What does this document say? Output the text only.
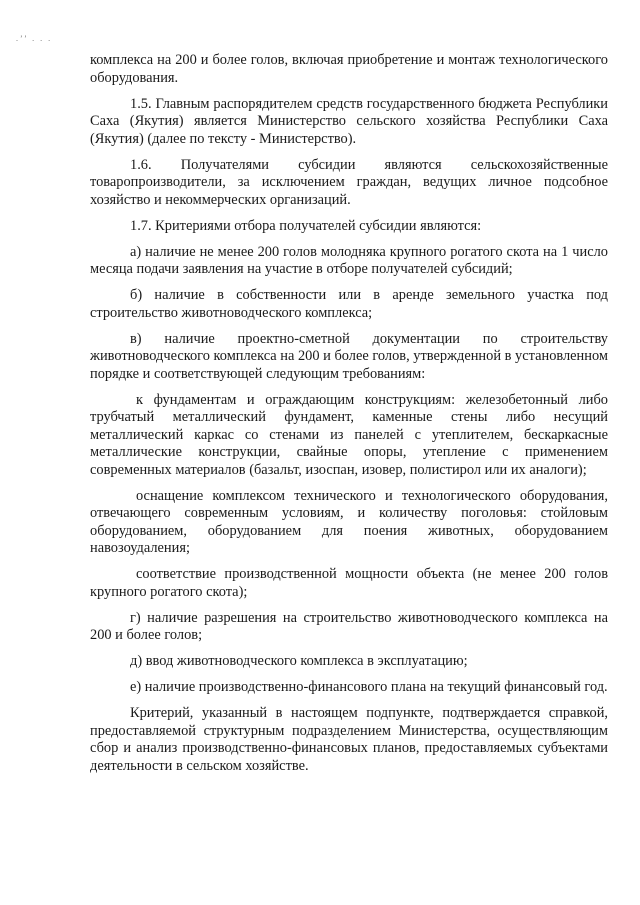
.’’ . . .

комплекса на 200 и более голов, включая приобретение и монтаж технологического оборудования.

1.5. Главным распорядителем средств государственного бюджета Республики Саха (Якутия) является Министерство сельского хозяйства Республики Саха (Якутия) (далее по тексту - Министерство).

1.6. Получателями субсидии являются сельскохозяйственные товаропроизводители, за исключением граждан, ведущих личное подсобное хозяйство и некоммерческих организаций.

1.7. Критериями отбора получателей субсидии являются:

а) наличие не менее 200 голов молодняка крупного рогатого скота на 1 число месяца подачи заявления на участие в отборе получателей субсидий;

б) наличие в собственности или в аренде земельного участка под строительство животноводческого комплекса;

в) наличие проектно-сметной документации по строительству животноводческого комплекса на 200 и более голов, утвержденной в установленном порядке и соответствующей следующим требованиям:

к фундаментам и ограждающим конструкциям: железобетонный либо трубчатый металлический фундамент, каменные стены либо несущий металлический каркас со стенами из панелей с утеплителем, бескаркасные металлические конструкции, свайные опоры, утепление с применением современных материалов (базальт, изоспан, изовер, полистирол или их аналоги);

оснащение комплексом технического и технологического оборудования, отвечающего современным условиям, и количеству поголовья: стойловым оборудованием, оборудованием для поения животных, оборудованием навозоудаления;

соответствие производственной мощности объекта (не менее 200 голов крупного рогатого скота);

г) наличие разрешения на строительство животноводческого комплекса на 200 и более голов;

д) ввод животноводческого комплекса в эксплуатацию;

е) наличие производственно-финансового плана на текущий финансовый год.

Критерий, указанный в настоящем подпункте, подтверждается справкой, предоставляемой структурным подразделением Министерства, осуществляющим сбор и анализ производственно-финансовых планов, предоставляемых субъектами деятельности в сельском хозяйстве.
